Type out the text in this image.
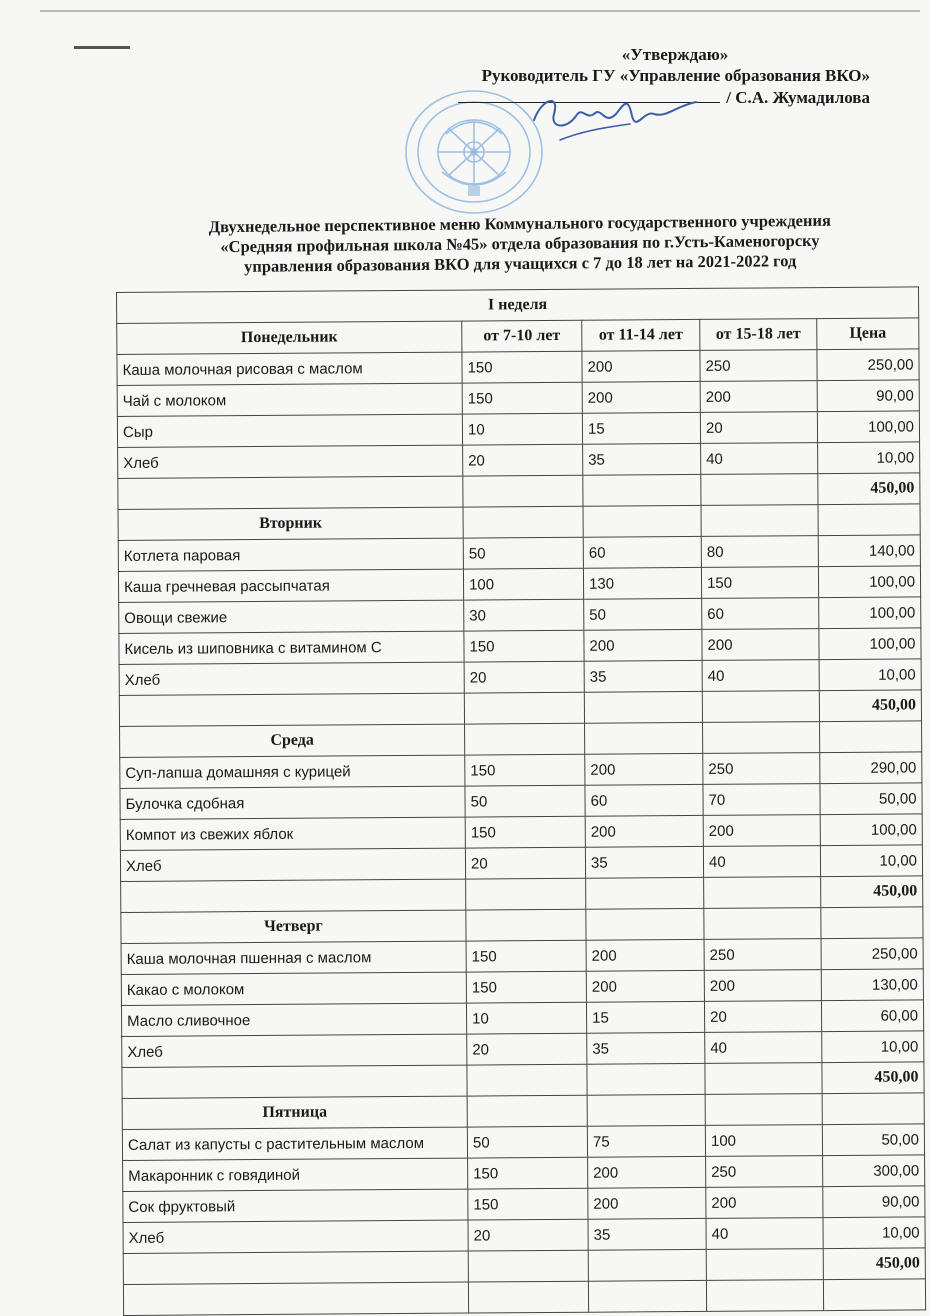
«Утверждаю»
Руководитель ГУ «Управление образования ВКО»
/ С.А. Жумадилова
Двухнедельное перспективное меню Коммунального государственного учреждения
«Средняя профильная школа №45» отдела образования по г.Усть-Каменогорску
управления образования ВКО для учащихся с 7 до 18 лет на 2021-2022 год
I неделя				
Понедельник	от 7-10 лет	от 11-14 лет	от 15-18 лет	Цена
Каша молочная рисовая с маслом	150	200	250	250,00
Чай с молоком	150	200	200	90,00
Сыр	10	15	20	100,00
Хлеб	20	35	40	10,00
				450,00
Вторник				
Котлета паровая	50	60	80	140,00
Каша гречневая рассыпчатая	100	130	150	100,00
Овощи свежие	30	50	60	100,00
Кисель из шиповника с витамином С	150	200	200	100,00
Хлеб	20	35	40	10,00
				450,00
Среда				
Суп-лапша домашняя с курицей	150	200	250	290,00
Булочка сдобная	50	60	70	50,00
Компот из свежих яблок	150	200	200	100,00
Хлеб	20	35	40	10,00
				450,00
Четверг				
Каша молочная пшенная с маслом	150	200	250	250,00
Какао с молоком	150	200	200	130,00
Масло сливочное	10	15	20	60,00
Хлеб	20	35	40	10,00
				450,00
Пятница				
Салат из капусты с растительным маслом	50	75	100	50,00
Макаронник с говядиной	150	200	250	300,00
Сок фруктовый	150	200	200	90,00
Хлеб	20	35	40	10,00
				450,00
